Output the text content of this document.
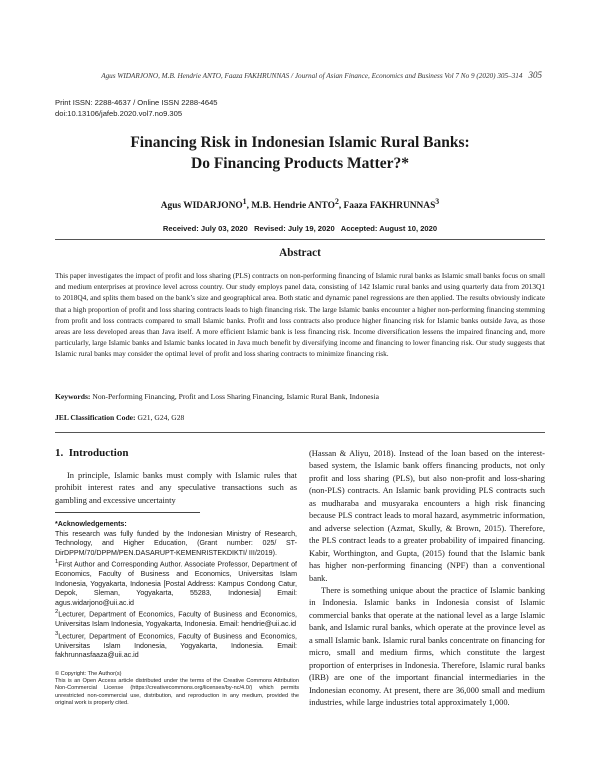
Agus WIDARJONO, M.B. Hendrie ANTO, Faaza FAKHRUNNAS / Journal of Asian Finance, Economics and Business Vol 7 No 9 (2020) 305–314 305
Print ISSN: 2288-4637 / Online ISSN 2288-4645
doi:10.13106/jafeb.2020.vol7.no9.305
Financing Risk in Indonesian Islamic Rural Banks:
Do Financing Products Matter?*
Agus WIDARJONO$^1$, M.B. Hendrie ANTO$^2$, Faaza FAKHRUNNAS$^3$
Received: July 03, 2020   Revised: July 19, 2020   Accepted: August 10, 2020
Abstract
This paper investigates the impact of profit and loss sharing (PLS) contracts on non-performing financing of Islamic rural banks as Islamic small banks focus on small and medium enterprises at province level across country. Our study employs panel data, consisting of 142 Islamic rural banks and using quarterly data from 2013Q1 to 2018Q4, and splits them based on the bank’s size and geographical area. Both static and dynamic panel regressions are then applied. The results obviously indicate that a high proportion of profit and loss sharing contracts leads to high financing risk. The large Islamic banks encounter a higher non-performing financing stemming from profit and loss contracts compared to small Islamic banks. Profit and loss contracts also produce higher financing risk for Islamic banks outside Java, as those areas are less developed areas than Java itself. A more efficient Islamic bank is less financing risk. Income diversification lessens the impaired financing and, more particularly, large Islamic banks and Islamic banks located in Java much benefit by diversifying income and financing to lower financing risk. Our study suggests that Islamic rural banks may consider the optimal level of profit and loss sharing contracts to minimize financing risk.
Keywords: Non-Performing Financing, Profit and Loss Sharing Financing, Islamic Rural Bank, Indonesia
JEL Classification Code: G21, G24, G28
1.  Introduction

In principle, Islamic banks must comply with Islamic rules that prohibit interest rates and any speculative transactions such as gambling and excessive uncertainty

*Acknowledgements:

This research was fully funded by the Indonesian Ministry of Research, Technology, and Higher Education, (Grant number: 025/ ST-DirDPPM/70/DPPM/PEN.DASARUPT-KEMENRISTEKDIKTI/ III/2019).

$^1$First Author and Corresponding Author. Associate Professor, Department of Economics, Faculty of Business and Economics, Universitas Islam Indonesia, Yogyakarta, Indonesia [Postal Address: Kampus Condong Catur, Depok, Sleman, Yogyakarta, 55283, Indonesia] Email: agus.widarjono@uii.ac.id

$^2$Lecturer, Department of Economics, Faculty of Business and Economics, Universitas Islam Indonesia, Yogyakarta, Indonesia. Email: hendrie@uii.ac.id

$^3$Lecturer, Department of Economics, Faculty of Business and Economics, Universitas Islam Indonesia, Yogyakarta, Indonesia. Email: fakhrunnasfaaza@uii.ac.id

© Copyright: The Author(s)

This is an Open Access article distributed under the terms of the Creative Commons Attribution Non-Commercial License (https://creativecommons.org/licenses/by-nc/4.0/) which permits unrestricted non-commercial use, distribution, and reproduction in any medium, provided the original work is properly cited.

(Hassan & Aliyu, 2018). Instead of the loan based on the interest-based system, the Islamic bank offers financing products, not only profit and loss sharing (PLS), but also non-profit and loss-sharing (non-PLS) contracts. An Islamic bank providing PLS contracts such as mudharaba and musyaraka encounters a high risk financing because PLS contract leads to moral hazard, asymmetric information, and adverse selection (Azmat, Skully, & Brown, 2015). Therefore, the PLS contract leads to a greater probability of impaired financing. Kabir, Worthington, and Gupta, (2015) found that the Islamic bank has higher non-performing financing (NPF) than a conventional bank.

There is something unique about the practice of Islamic banking in Indonesia. Islamic banks in Indonesia consist of Islamic commercial banks that operate at the national level as a large Islamic bank, and Islamic rural banks, which operate at the province level as a small Islamic bank. Islamic rural banks concentrate on financing for micro, small and medium firms, which constitute the largest proportion of enterprises in Indonesia. Therefore, Islamic rural banks (IRB) are one of the important financial intermediaries in the Indonesian economy. At present, there are 36,000 small and medium industries, while large industries total approximately 1,000.
